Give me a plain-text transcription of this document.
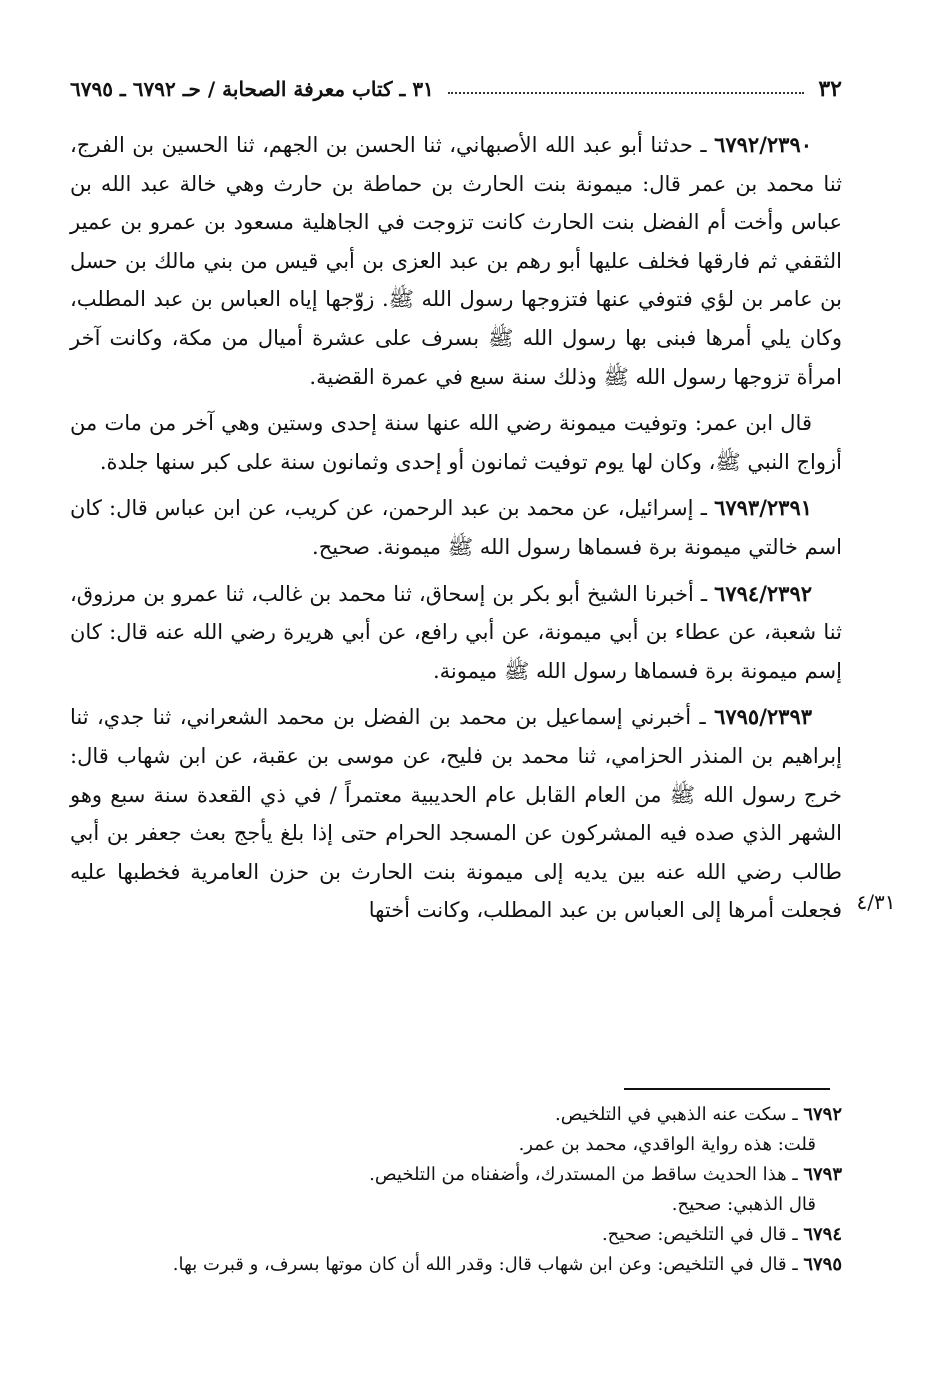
٣٢
٣١ ـ كتاب معرفة الصحابة / حـ ٦٧٩٢ ـ ٦٧٩٥

٦٧٩٢/٢٣٩٠ ـ حدثنا أبو عبد الله الأصبهاني، ثنا الحسن بن الجهم، ثنا الحسين بن الفرج، ثنا محمد بن عمر قال: ميمونة بنت الحارث بن حماطة بن حارث وهي خالة عبد الله بن عباس وأخت أم الفضل بنت الحارث كانت تزوجت في الجاهلية مسعود بن عمرو بن عمير الثقفي ثم فارقها فخلف عليها أبو رهم بن عبد العزى بن أبي قيس من بني مالك بن حسل بن عامر بن لؤي فتوفي عنها فتزوجها رسول الله ﷺ. زوّجها إياه العباس بن عبد المطلب، وكان يلي أمرها فبنى بها رسول الله ﷺ بسرف على عشرة أميال من مكة، وكانت آخر امرأة تزوجها رسول الله ﷺ وذلك سنة سبع في عمرة القضية.

قال ابن عمر: وتوفيت ميمونة رضي الله عنها سنة إحدى وستين وهي آخر من مات من أزواج النبي ﷺ، وكان لها يوم توفيت ثمانون أو إحدى وثمانون سنة على كبر سنها جلدة.

٦٧٩٣/٢٣٩١ ـ إسرائيل، عن محمد بن عبد الرحمن، عن كريب، عن ابن عباس قال: كان اسم خالتي ميمونة برة فسماها رسول الله ﷺ ميمونة. صحيح.

٦٧٩٤/٢٣٩٢ ـ أخبرنا الشيخ أبو بكر بن إسحاق، ثنا محمد بن غالب، ثنا عمرو بن مرزوق، ثنا شعبة، عن عطاء بن أبي ميمونة، عن أبي رافع، عن أبي هريرة رضي الله عنه قال: كان إسم ميمونة برة فسماها رسول الله ﷺ ميمونة.

٦٧٩٥/٢٣٩٣ ـ أخبرني إسماعيل بن محمد بن الفضل بن محمد الشعراني، ثنا جدي، ثنا إبراهيم بن المنذر الحزامي، ثنا محمد بن فليح، عن موسى بن عقبة، عن ابن شهاب قال: خرج رسول الله ﷺ من العام القابل عام الحديبية معتمراً / في ذي القعدة سنة سبع وهو الشهر الذي صده فيه المشركون عن المسجد الحرام حتى إذا بلغ يأجج بعث جعفر بن أبي طالب رضي الله عنه بين يديه إلى ميمونة بنت الحارث بن حزن العامرية فخطبها عليه فجعلت أمرها إلى العباس بن عبد المطلب، وكانت أختها ٤/٣١

٦٧٩٢ ـ سكت عنه الذهبي في التلخيص.

قلت: هذه رواية الواقدي، محمد بن عمر.

٦٧٩٣ ـ هذا الحديث ساقط من المستدرك، وأضفناه من التلخيص.

قال الذهبي: صحيح.

٦٧٩٤ ـ قال في التلخيص: صحيح.

٦٧٩٥ ـ قال في التلخيص: وعن ابن شهاب قال: وقدر الله أن كان موتها بسرف، و قبرت بها.
